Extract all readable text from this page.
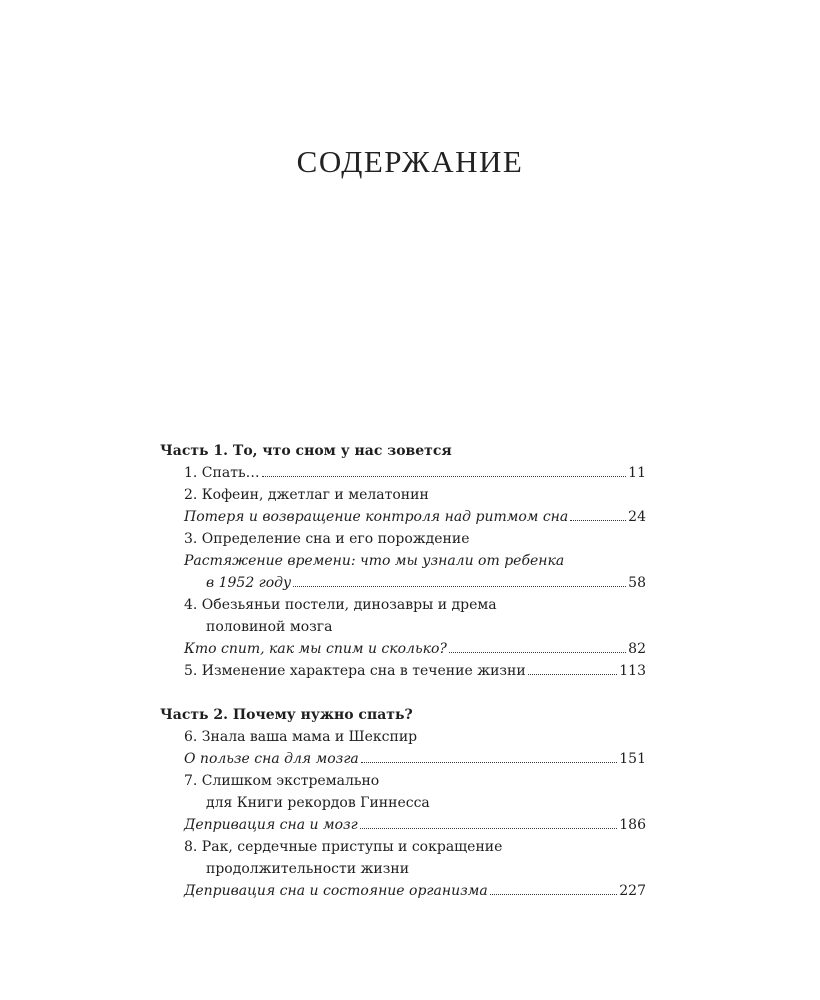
СОДЕРЖАНИЕ
Часть 1. То, что сном у нас зовется
1. Спать…	11
2. Кофеин, джетлаг и мелатонин
Потеря и возвращение контроля над ритмом сна	24
3. Определение сна и его порождение
Растяжение времени: что мы узнали от ребенка
в 1952 году	58
4. Обезьяньи постели, динозавры и дрема
половиной мозга
Кто спит, как мы спим и сколько?	82
5. Изменение характера сна в течение жизни	113
Часть 2. Почему нужно спать?
6. Знала ваша мама и Шекспир
О пользе сна для мозга	151
7. Слишком экстремально
для Книги рекордов Гиннесса
Депривация сна и мозг	186
8. Рак, сердечные приступы и сокращение
продолжительности жизни
Депривация сна и состояние организма	227
